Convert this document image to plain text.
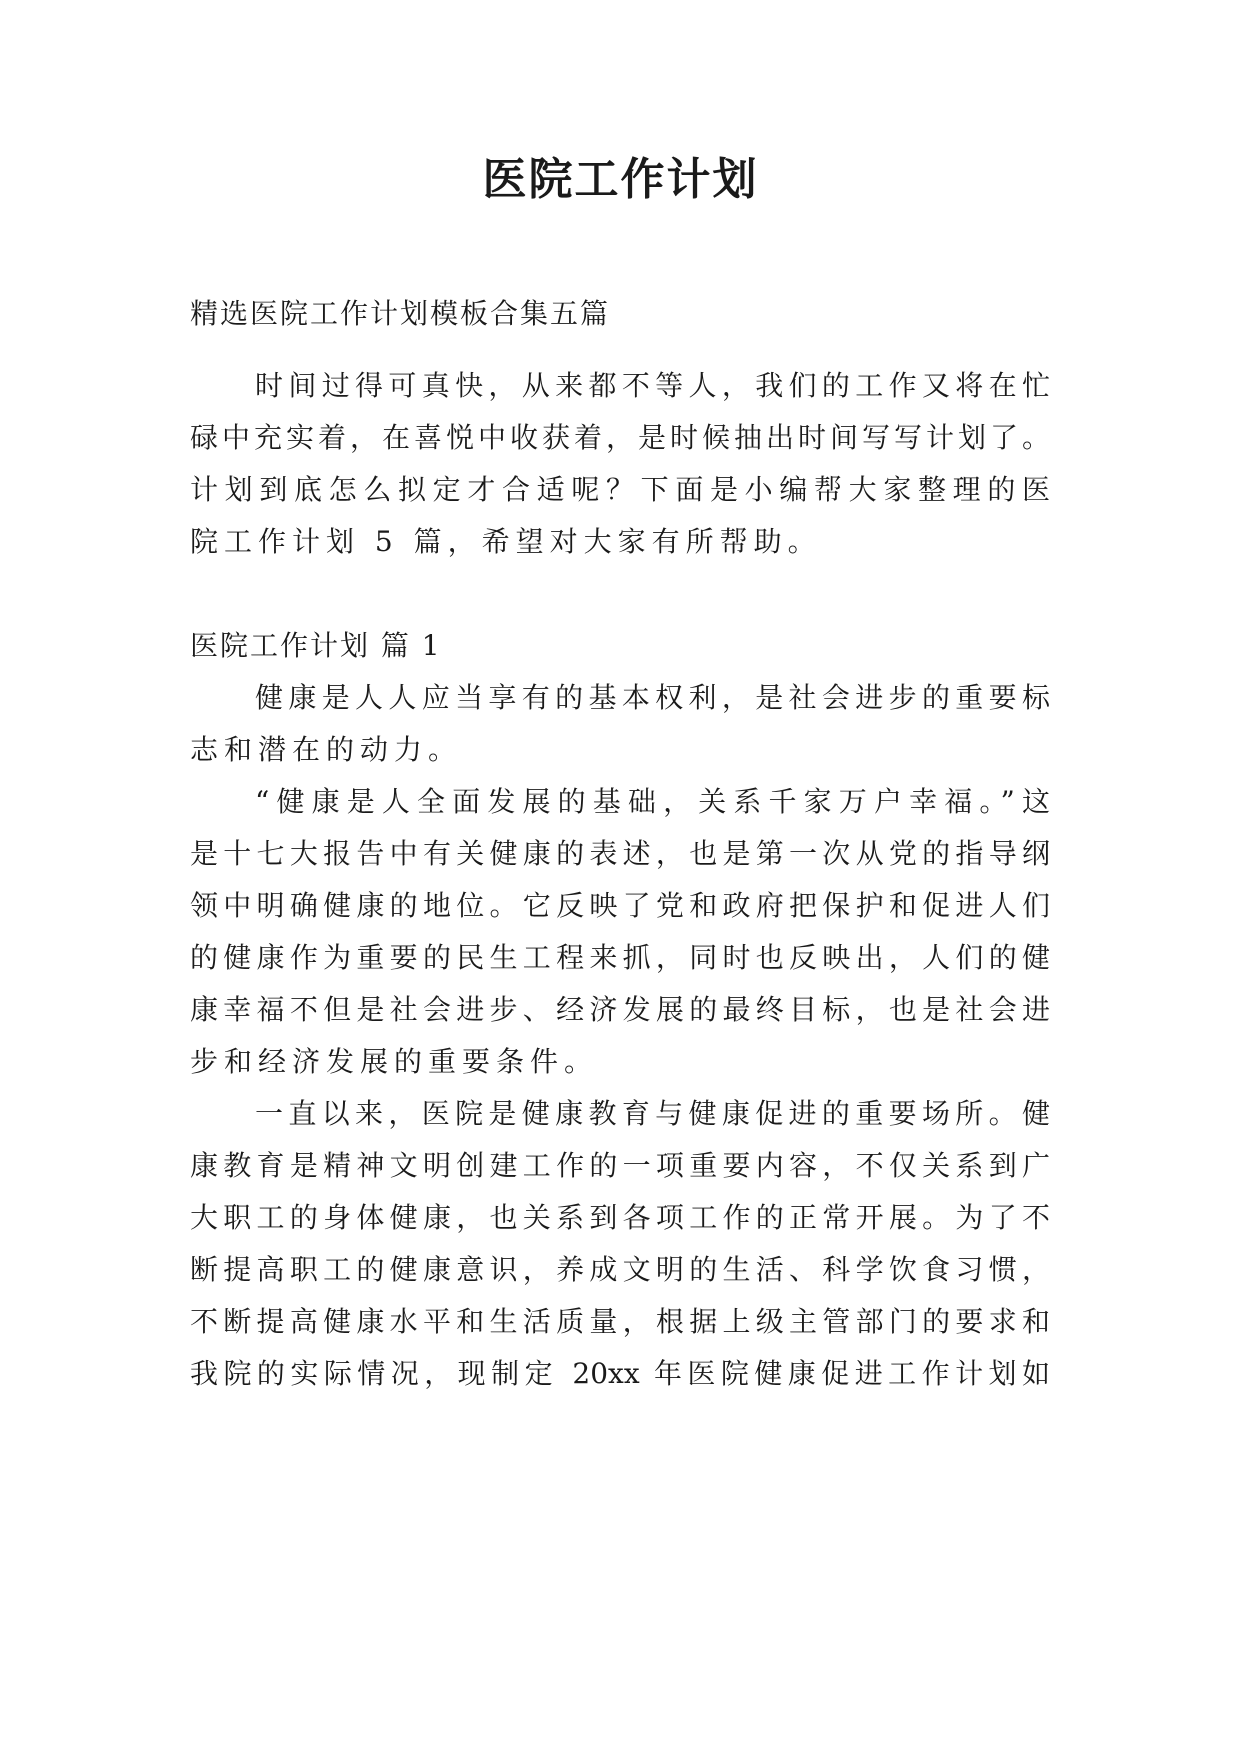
医院工作计划
精选医院工作计划模板合集五篇
时间过得可真快，从来都不等人，我们的工作又将在忙
碌中充实着，在喜悦中收获着，是时候抽出时间写写计划了。
计划到底怎么拟定才合适呢？下面是小编帮大家整理的医
院工作计划 5 篇，希望对大家有所帮助。
医院工作计划 篇 1
健康是人人应当享有的基本权利，是社会进步的重要标
志和潜在的动力。
“健康是人全面发展的基础，关系千家万户幸福。”这
是十七大报告中有关健康的表述，也是第一次从党的指导纲
领中明确健康的地位。它反映了党和政府把保护和促进人们
的健康作为重要的民生工程来抓，同时也反映出，人们的健
康幸福不但是社会进步、经济发展的最终目标，也是社会进
步和经济发展的重要条件。
一直以来，医院是健康教育与健康促进的重要场所。健
康教育是精神文明创建工作的一项重要内容，不仅关系到广
大职工的身体健康，也关系到各项工作的正常开展。为了不
断提高职工的健康意识，养成文明的生活、科学饮食习惯，
不断提高健康水平和生活质量，根据上级主管部门的要求和
我院的实际情况，现制定 20xx 年医院健康促进工作计划如
